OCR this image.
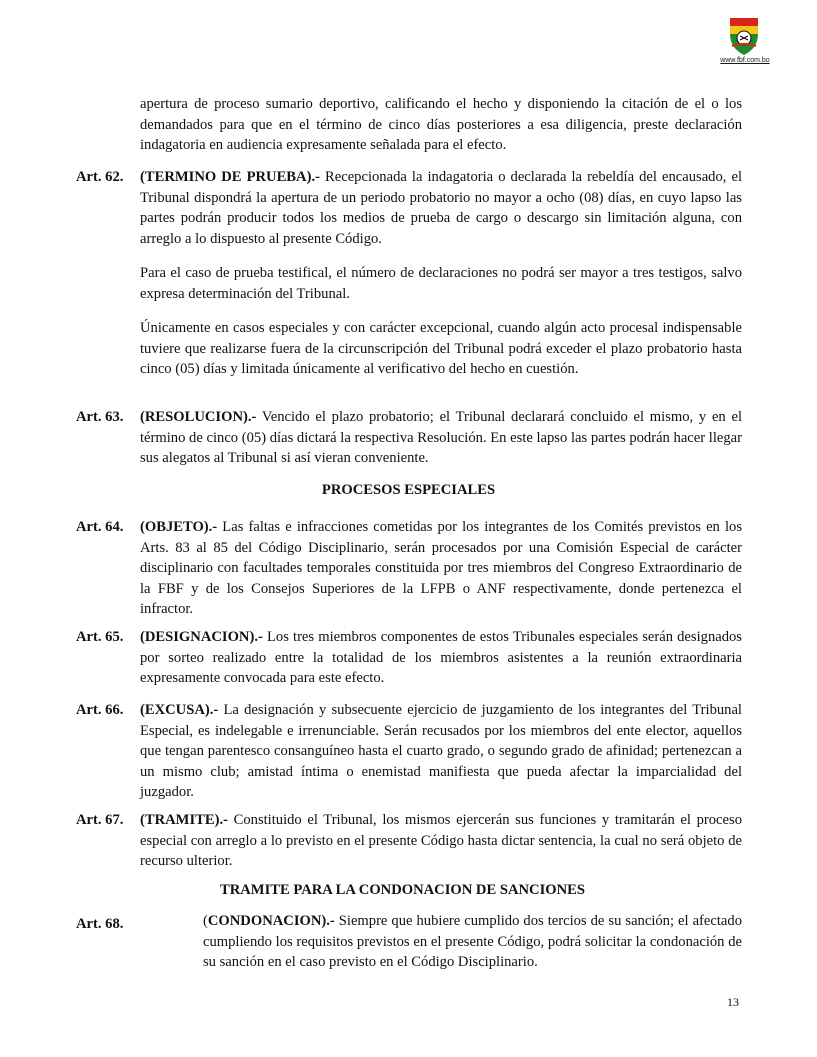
www.fbf.com.bo

apertura de proceso sumario deportivo, calificando el hecho y disponiendo la citación de el o los demandados para que en el término de cinco días posteriores a esa diligencia, preste declaración indagatoria en audiencia expresamente señalada para el efecto.

Art. 62. (TERMINO DE PRUEBA).- Recepcionada la indagatoria o declarada la rebeldía del encausado, el Tribunal dispondrá la apertura de un periodo probatorio no mayor a ocho (08) días, en cuyo lapso las partes podrán producir todos los medios de prueba de cargo o descargo sin limitación alguna, con arreglo a lo dispuesto al presente Código.

Para el caso de prueba testifical, el número de declaraciones no podrá ser mayor a tres testigos, salvo expresa determinación del Tribunal.

Únicamente en casos especiales y con carácter excepcional, cuando algún acto procesal indispensable tuviere que realizarse fuera de la circunscripción del Tribunal podrá exceder el plazo probatorio hasta cinco (05) días y limitada únicamente al verificativo del hecho en cuestión.

Art. 63. (RESOLUCION).- Vencido el plazo probatorio; el Tribunal declarará concluido el mismo, y en el término de cinco (05) días dictará la respectiva Resolución. En este lapso las partes podrán hacer llegar sus alegatos al Tribunal si así vieran conveniente.

PROCESOS ESPECIALES
Art. 64. (OBJETO).- Las faltas e infracciones cometidas por los integrantes de los Comités previstos en los Arts. 83 al 85 del Código Disciplinario, serán procesados por una Comisión Especial de carácter disciplinario con facultades temporales constituida por tres miembros del Congreso Extraordinario de la FBF y de los Consejos Superiores de la LFPB o ANF respectivamente, donde pertenezca el infractor.

Art. 65. (DESIGNACION).- Los tres miembros componentes de estos Tribunales especiales serán designados por sorteo realizado entre la totalidad de los miembros asistentes a la reunión extraordinaria expresamente convocada para este efecto.

Art. 66. (EXCUSA).- La designación y subsecuente ejercicio de juzgamiento de los integrantes del Tribunal Especial, es indelegable e irrenunciable. Serán recusados por los miembros del ente elector, aquellos que tengan parentesco consanguíneo hasta el cuarto grado, o segundo grado de afinidad; pertenezcan a un mismo club; amistad íntima o enemistad manifiesta que pueda afectar la imparcialidad del juzgador.

Art. 67. (TRAMITE).- Constituido el Tribunal, los mismos ejercerán sus funciones y tramitarán el proceso especial con arreglo a lo previsto en el presente Código hasta dictar sentencia, la cual no será objeto de recurso ulterior.

TRAMITE PARA LA CONDONACION DE SANCIONES
Art. 68.	(CONDONACION).- Siempre que hubiere cumplido dos tercios de su sanción; el afectado cumpliendo los requisitos previstos en el presente Código, podrá solicitar la condonación de su sanción en el caso previsto en el Código Disciplinario.

13
